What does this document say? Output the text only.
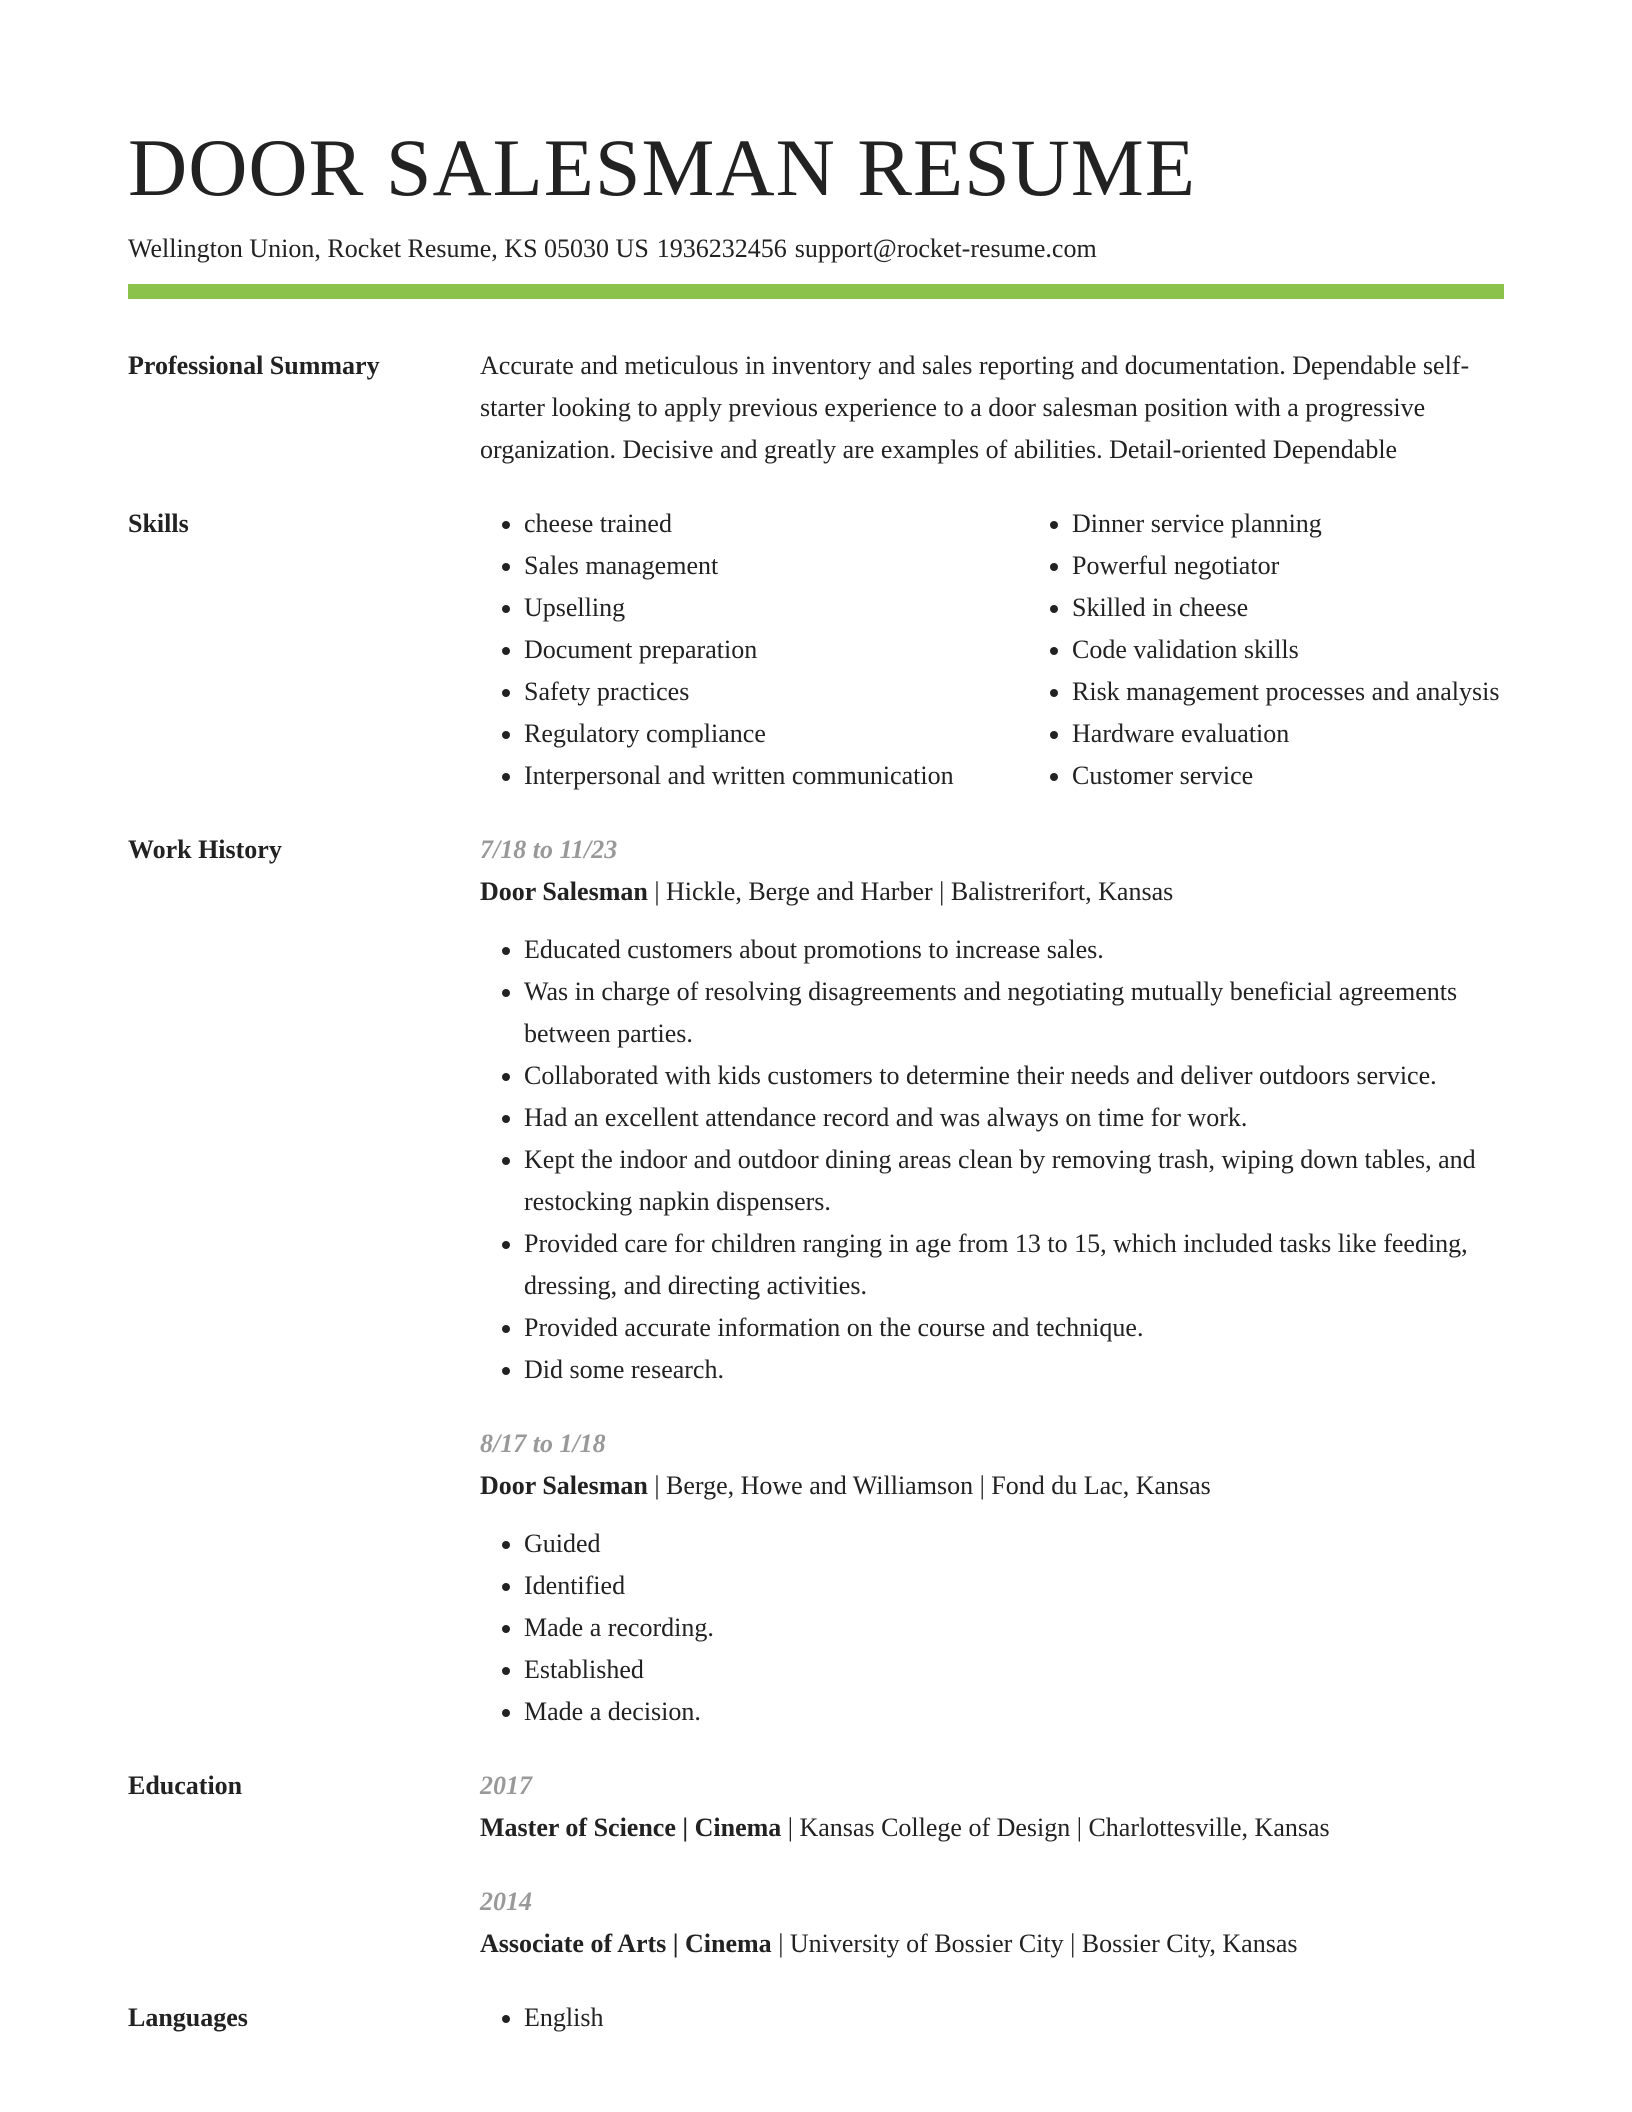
DOOR SALESMAN RESUME
Wellington Union, Rocket Resume, KS 05030 US 1936232456 support@rocket-resume.com
Professional Summary	Accurate and meticulous in inventory and sales reporting and documentation. Dependable self-starter looking to apply previous experience to a door salesman position with a progressive organization. Decisive and greatly are examples of abilities. Detail-oriented Dependable
Skills	• cheese trained
• Sales management
• Upselling
• Document preparation
• Safety practices
• Regulatory compliance
• Interpersonal and written communication
• Dinner service planning
• Powerful negotiator
• Skilled in cheese
• Code validation skills
• Risk management processes and analysis
• Hardware evaluation
• Customer service
Work History	7/18 to 11/23
Door Salesman | Hickle, Berge and Harber | Balistrerifort, Kansas
• Educated customers about promotions to increase sales.
• Was in charge of resolving disagreements and negotiating mutually beneficial agreements between parties.
• Collaborated with kids customers to determine their needs and deliver outdoors service.
• Had an excellent attendance record and was always on time for work.
• Kept the indoor and outdoor dining areas clean by removing trash, wiping down tables, and restocking napkin dispensers.
• Provided care for children ranging in age from 13 to 15, which included tasks like feeding, dressing, and directing activities.
• Provided accurate information on the course and technique.
• Did some research.
8/17 to 1/18
Door Salesman | Berge, Howe and Williamson | Fond du Lac, Kansas
• Guided
• Identified
• Made a recording.
• Established
• Made a decision.
Education	2017
Master of Science | Cinema | Kansas College of Design | Charlottesville, Kansas
2014
Associate of Arts | Cinema | University of Bossier City | Bossier City, Kansas
Languages	• English
